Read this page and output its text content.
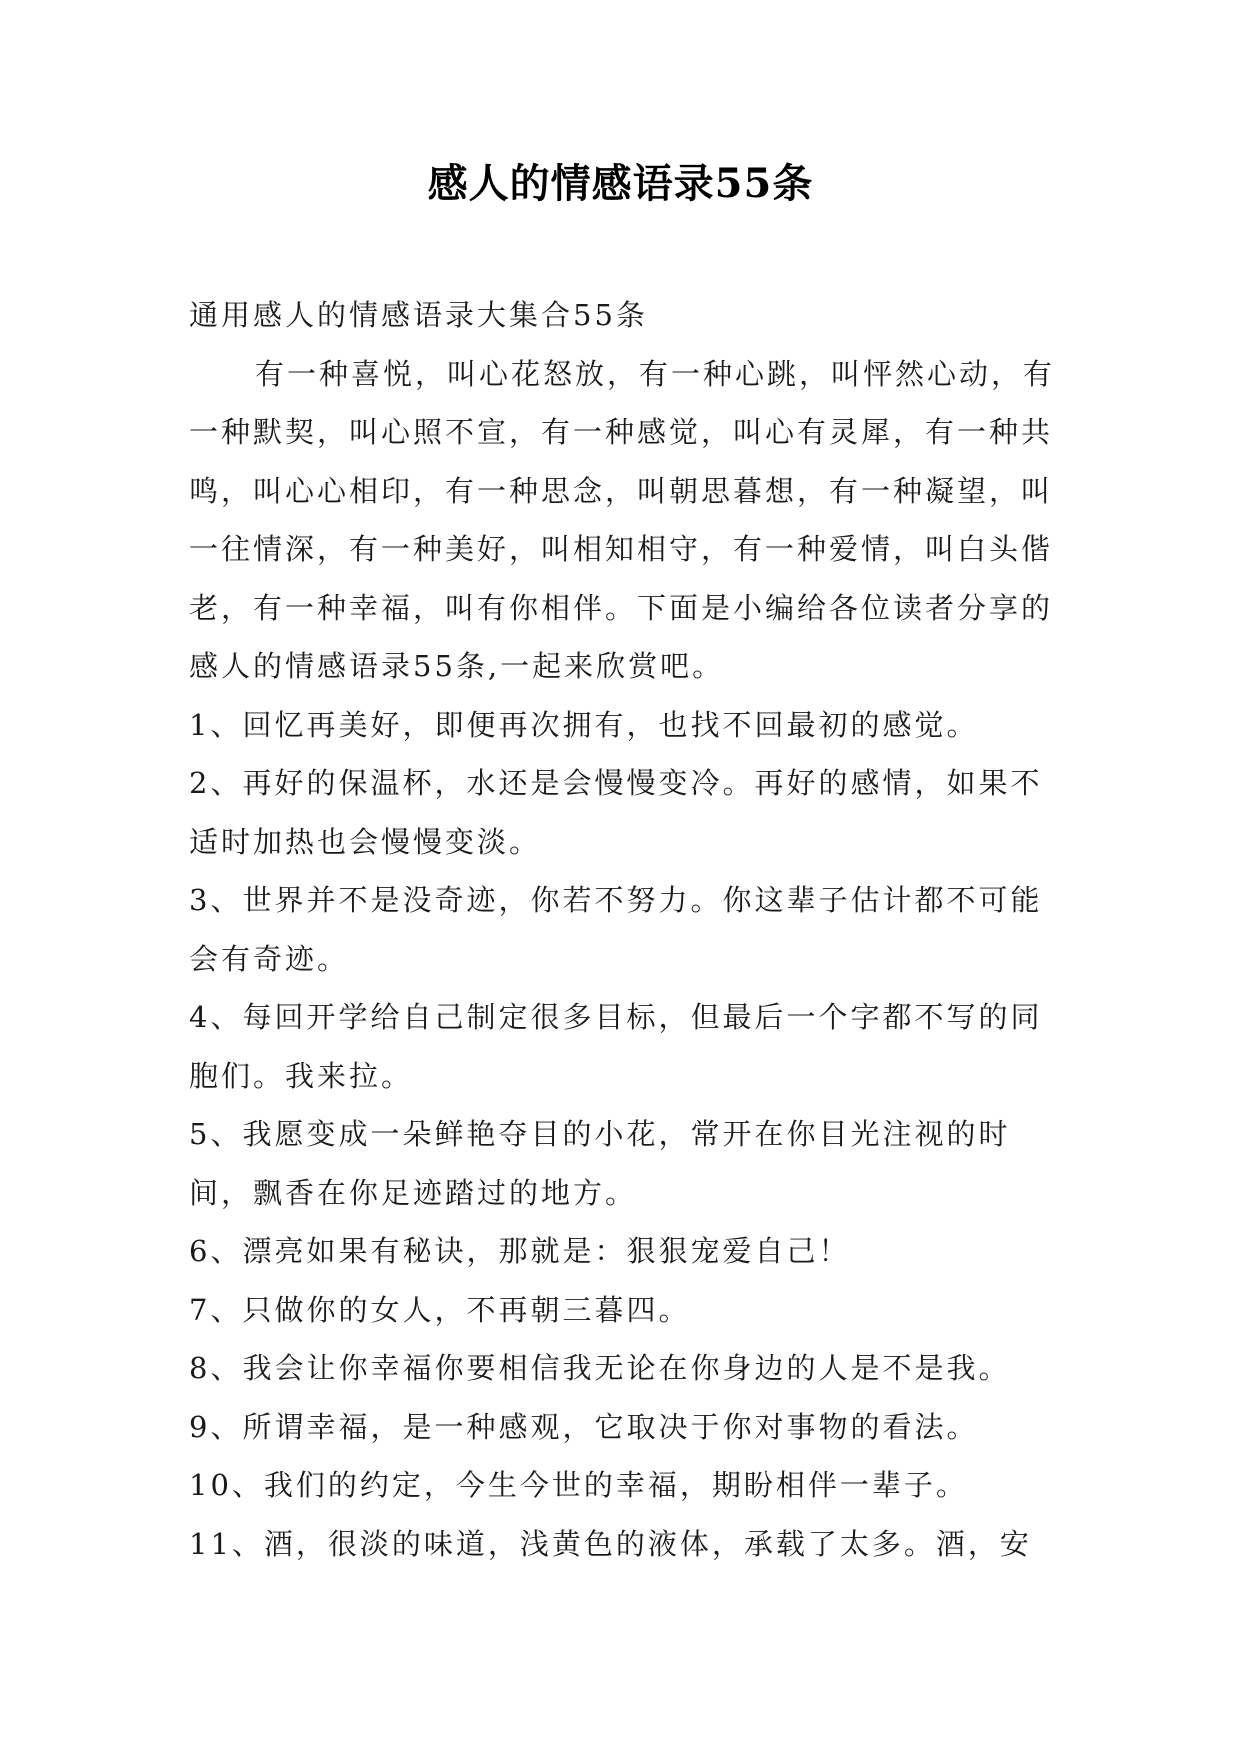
感人的情感语录55条

通用感人的情感语录大集合55条

有一种喜悦，叫心花怒放，有一种心跳，叫怦然心动，有一种默契，叫心照不宣，有一种感觉，叫心有灵犀，有一种共鸣，叫心心相印，有一种思念，叫朝思暮想，有一种凝望，叫一往情深，有一种美好，叫相知相守，有一种爱情，叫白头偕老，有一种幸福，叫有你相伴。下面是小编给各位读者分享的感人的情感语录55条,一起来欣赏吧。

1、回忆再美好，即便再次拥有，也找不回最初的感觉。

2、再好的保温杯，水还是会慢慢变冷。再好的感情，如果不适时加热也会慢慢变淡。

3、世界并不是没奇迹，你若不努力。你这辈子估计都不可能会有奇迹。

4、每回开学给自己制定很多目标，但最后一个字都不写的同胞们。我来拉。

5、我愿变成一朵鲜艳夺目的小花，常开在你目光注视的时间，飘香在你足迹踏过的地方。

6、漂亮如果有秘诀，那就是：狠狠宠爱自己！

7、只做你的女人，不再朝三暮四。

8、我会让你幸福你要相信我无论在你身边的人是不是我。

9、所谓幸福，是一种感观，它取决于你对事物的看法。

10、我们的约定，今生今世的幸福，期盼相伴一辈子。

11、酒，很淡的味道，浅黄色的液体，承载了太多。酒，安
